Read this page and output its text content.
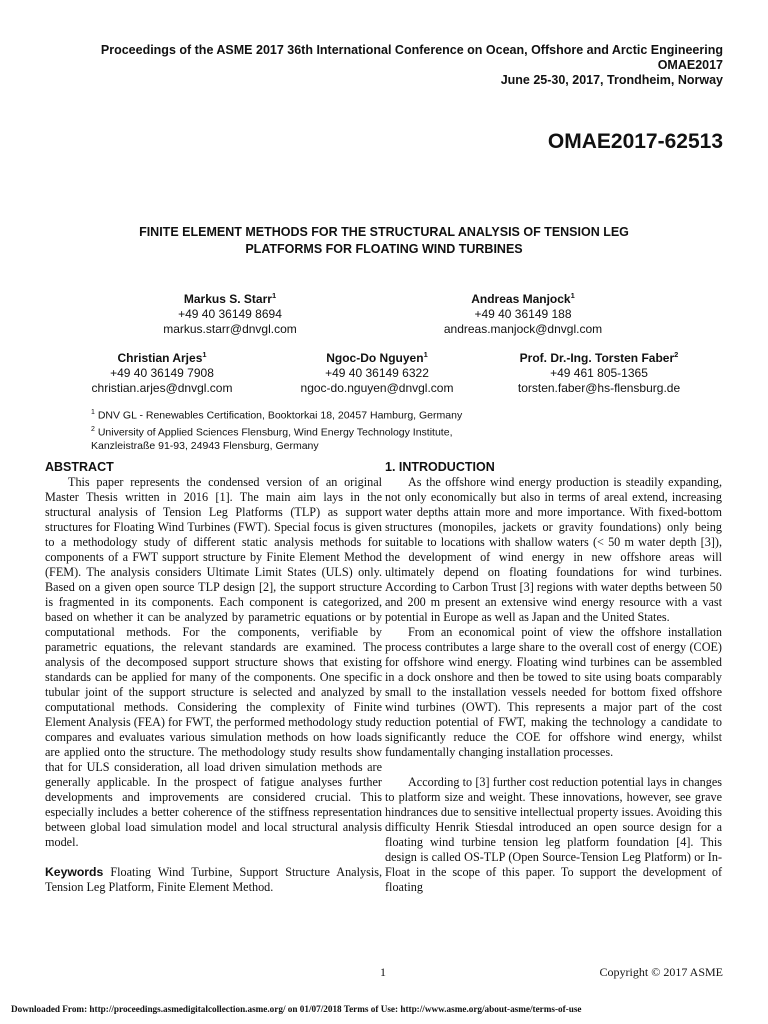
Proceedings of the ASME 2017 36th International Conference on Ocean, Offshore and Arctic Engineering
OMAE2017
June 25-30, 2017, Trondheim, Norway
OMAE2017-62513
FINITE ELEMENT METHODS FOR THE STRUCTURAL ANALYSIS OF TENSION LEG
PLATFORMS FOR FLOATING WIND TURBINES
Markus S. Starr$^1$
+49 40 36149 8694
markus.starr@dnvgl.com
Andreas Manjock$^1$
+49 40 36149 188
andreas.manjock@dnvgl.com
Christian Arjes$^1$
+49 40 36149 7908
christian.arjes@dnvgl.com
Ngoc-Do Nguyen$^1$
+49 40 36149 6322
ngoc-do.nguyen@dnvgl.com
Prof. Dr.-Ing. Torsten Faber$^2$
+49 461 805-1365
torsten.faber@hs-flensburg.de
$^1$ DNV GL - Renewables Certification, Booktorkai 18, 20457 Hamburg, Germany
$^2$ University of Applied Sciences Flensburg, Wind Energy Technology Institute,
Kanzleistraße 91-93, 24943 Flensburg, Germany
ABSTRACT

This paper represents the condensed version of an original Master Thesis written in 2016 [1]. The main aim lays in the structural analysis of Tension Leg Platforms (TLP) as support structures for Floating Wind Turbines (FWT). Special focus is given to a methodology study of different static analysis methods for components of a FWT support structure by Finite Element Method (FEM). The analysis considers Ultimate Limit States (ULS) only. Based on a given open source TLP design [2], the support structure is fragmented in its components. Each component is categorized, based on whether it can be analyzed by parametric equations or by computational methods. For the components, verifiable by parametric equations, the relevant standards are examined. The analysis of the decomposed support structure shows that existing standards can be applied for many of the components. One specific tubular joint of the support structure is selected and analyzed by computational methods. Considering the complexity of Finite Element Analysis (FEA) for FWT, the performed methodology study compares and evaluates various simulation methods on how loads are applied onto the structure. The methodology study results show that for ULS consideration, all load driven simulation methods are generally applicable. In the prospect of fatigue analyses further developments and improvements are considered crucial. This especially includes a better coherence of the stiffness representation between global load simulation model and local structural analysis model.

Keywords Floating Wind Turbine, Support Structure Analysis, Tension Leg Platform, Finite Element Method.

1. INTRODUCTION

As the offshore wind energy production is steadily expanding, not only economically but also in terms of areal extend, increasing water depths attain more and more importance. With fixed-bottom structures (monopiles, jackets or gravity foundations) only being suitable to locations with shallow waters (< 50 m water depth [3]), the development of wind energy in new offshore areas will ultimately depend on floating foundations for wind turbines. According to Carbon Trust [3] regions with water depths between 50 and 200 m present an extensive wind energy resource with a vast potential in Europe as well as Japan and the United States.

From an economical point of view the offshore installation process contributes a large share to the overall cost of energy (COE) for offshore wind energy. Floating wind turbines can be assembled in a dock onshore and then be towed to site using boats comparably small to the installation vessels needed for bottom fixed offshore wind turbines (OWT). This represents a major part of the cost reduction potential of FWT, making the technology a candidate to significantly reduce the COE for offshore wind energy, whilst fundamentally changing installation processes.

According to [3] further cost reduction potential lays in changes to platform size and weight. These innovations, however, see grave hindrances due to sensitive intellectual property issues. Avoiding this difficulty Henrik Stiesdal introduced an open source design for a floating wind turbine tension leg platform foundation [4]. This design is called OS-TLP (Open Source-Tension Leg Platform) or In-Float in the scope of this paper. To support the development of floating

1	Copyright © 2017 ASME
Downloaded From: http://proceedings.asmedigitalcollection.asme.org/ on 01/07/2018 Terms of Use: http://www.asme.org/about-asme/terms-of-use
